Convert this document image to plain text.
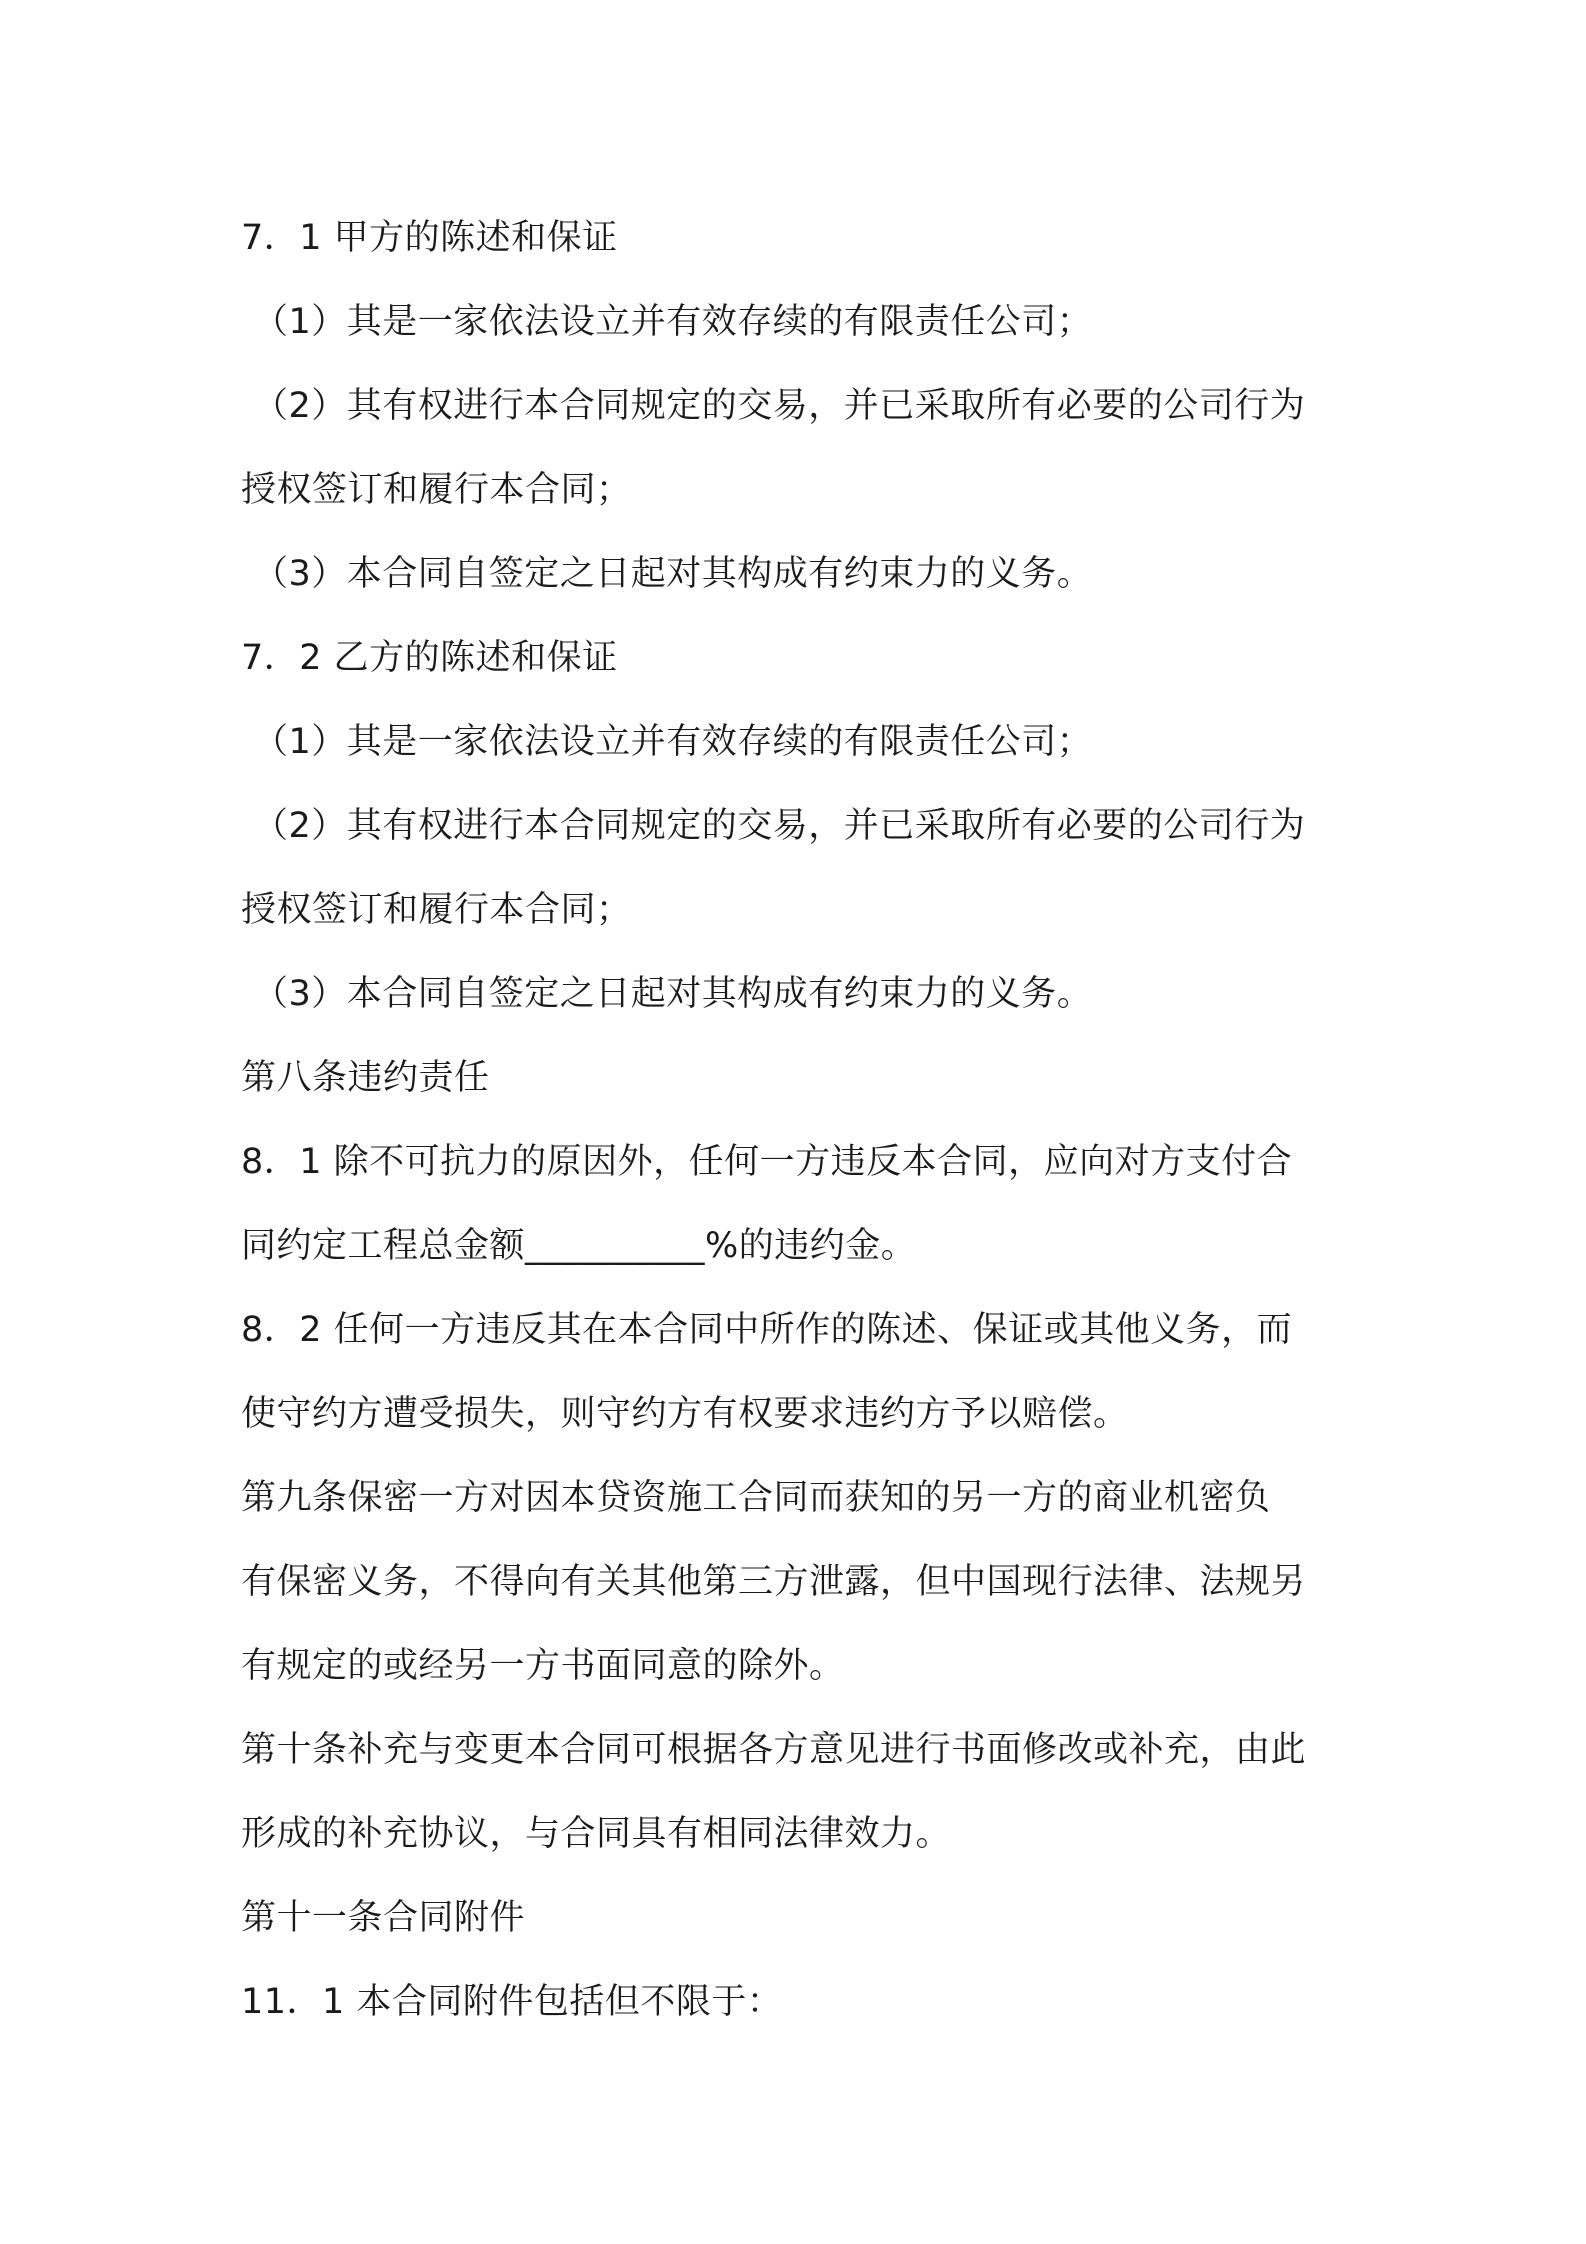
7．1 甲方的陈述和保证
（1）其是一家依法设立并有效存续的有限责任公司；
（2）其有权进行本合同规定的交易，并已采取所有必要的公司行为
授权签订和履行本合同；
（3）本合同自签定之日起对其构成有约束力的义务。
7．2 乙方的陈述和保证
（1）其是一家依法设立并有效存续的有限责任公司；
（2）其有权进行本合同规定的交易，并已采取所有必要的公司行为
授权签订和履行本合同；
（3）本合同自签定之日起对其构成有约束力的义务。
第八条违约责任
8．1 除不可抗力的原因外，任何一方违反本合同，应向对方支付合
同约定工程总金额__________%的违约金。
8．2 任何一方违反其在本合同中所作的陈述、保证或其他义务，而
使守约方遭受损失，则守约方有权要求违约方予以赔偿。
第九条保密一方对因本贷资施工合同而获知的另一方的商业机密负
有保密义务，不得向有关其他第三方泄露，但中国现行法律、法规另
有规定的或经另一方书面同意的除外。
第十条补充与变更本合同可根据各方意见进行书面修改或补充，由此
形成的补充协议，与合同具有相同法律效力。
第十一条合同附件
11．1 本合同附件包括但不限于：
